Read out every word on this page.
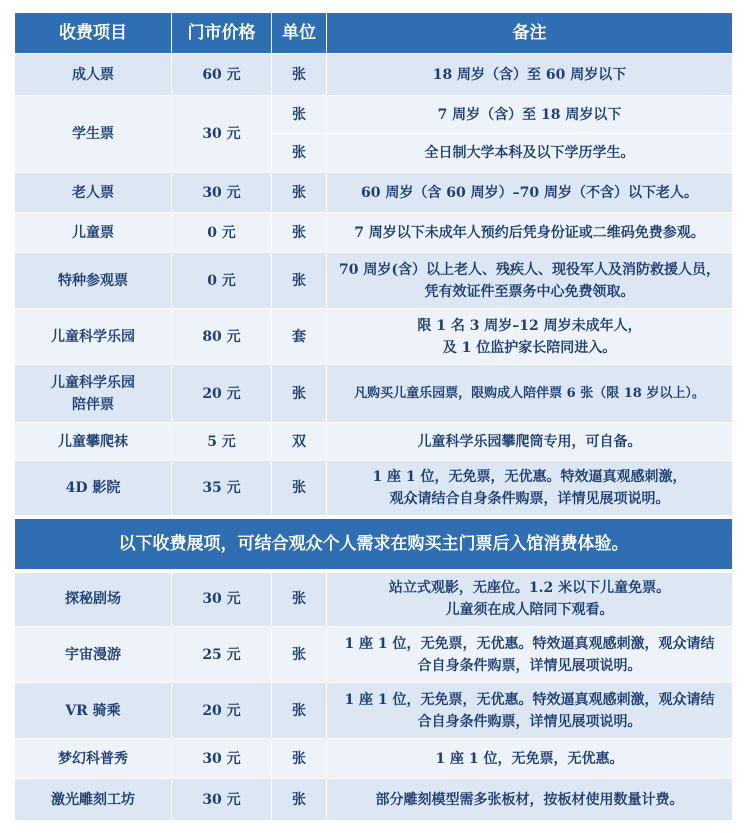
收费项目	门市价格	单位	备注
成人票	60 元	张	18 周岁（含）至 60 周岁以下

学生票	30 元	张	7 周岁（含）至 18 周岁以下

		张	全日制大学本科及以下学历学生。

老人票	30 元	张	60 周岁（含 60 周岁）–70 周岁（不含）以下老人。

儿童票	0 元	张	7 周岁以下未成年人预约后凭身份证或二维码免费参观。

特种参观票	0 元	张	70 周岁(含）以上老人、残疾人、现役军人及消防救援人员，
凭有效证件至票务中心免费领取。

儿童科学乐园	80 元	套	限 1 名 3 周岁–12 周岁未成年人，
及 1 位监护家长陪同进入。

儿童科学乐园
陪伴票	20 元	张	凡购买儿童乐园票，限购成人陪伴票 6 张（限 18 岁以上）。

儿童攀爬袜	5 元	双	儿童科学乐园攀爬筒专用，可自备。

4D 影院	35 元	张	1 座 1 位，无免票，无优惠。特效逼真观感刺激，
观众请结合自身条件购票，详情见展项说明。

以下收费展项，可结合观众个人需求在购买主门票后入馆消费体验。			
探秘剧场	30 元	张	站立式观影，无座位。1.2 米以下儿童免票。
儿童须在成人陪同下观看。

宇宙漫游	25 元	张	1 座 1 位，无免票，无优惠。特效逼真观感刺激，观众请结
合自身条件购票，详情见展项说明。

VR 骑乘	20 元	张	1 座 1 位，无免票，无优惠。特效逼真观感刺激，观众请结
合自身条件购票，详情见展项说明。

梦幻科普秀	30 元	张	1 座 1 位，无免票，无优惠。

激光雕刻工坊	30 元	张	部分雕刻模型需多张板材，按板材使用数量计费。
